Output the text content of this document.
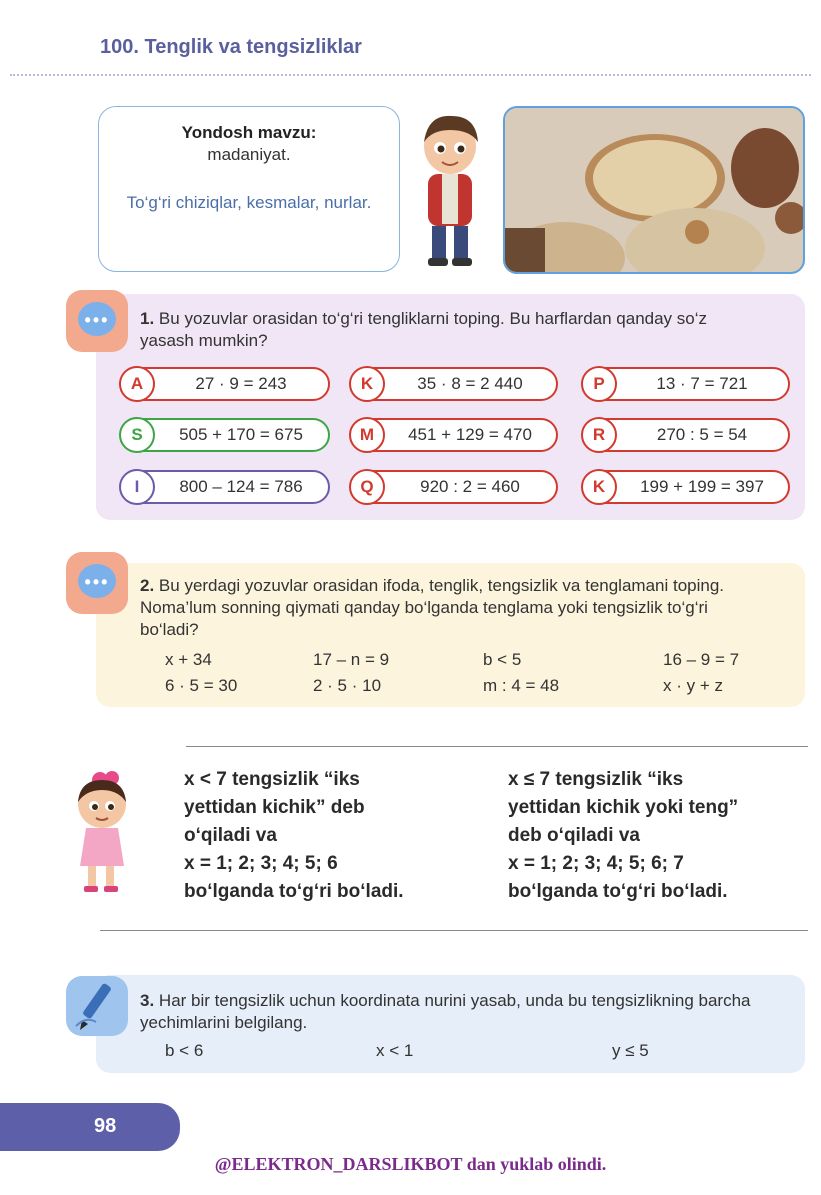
100. Tenglik va tengsizliklar
Yondosh mavzu:
madaniyat.
To‘g‘ri chiziqlar, kesmalar, nurlar.
•••	1. Bu yozuvlar orasidan to‘g‘ri tengliklarni toping. Bu harflardan qanday so‘z yasash mumkin?
A	27 · 9 = 243	K	35 · 8 = 2 440	P	13 · 7 = 721
S	505 + 170 = 675	M	451 + 129 = 470	R	270 : 5 = 54
I	800 – 124 = 786	Q	920 : 2 = 460	K	199 + 199 = 397
•••	2. Bu yerdagi yozuvlar orasidan ifoda, tenglik, tengsizlik va tenglamani toping. Noma’lum sonning qiymati qanday bo‘lganda tenglama yoki tengsizlik to‘g‘ri bo‘ladi?
x + 34	17 – n = 9	b < 5	16 – 9 = 7
6 · 5 = 30	2 · 5 · 10	m : 4 = 48	x · y + z
x < 7 tengsizlik “iks
yettidan kichik” deb
o‘qiladi va
x = 1; 2; 3; 4; 5; 6
bo‘lganda to‘g‘ri bo‘ladi.
x ≤ 7 tengsizlik “iks
yettidan kichik yoki teng”
deb o‘qiladi va
x = 1; 2; 3; 4; 5; 6; 7
bo‘lganda to‘g‘ri bo‘ladi.
3. Har bir tengsizlik uchun koordinata nurini yasab, unda bu tengsizlikning barcha yechimlarini belgilang.
b < 6	x < 1	y ≤ 5
98
@ELEKTRON_DARSLIKBOT dan yuklab olindi.
